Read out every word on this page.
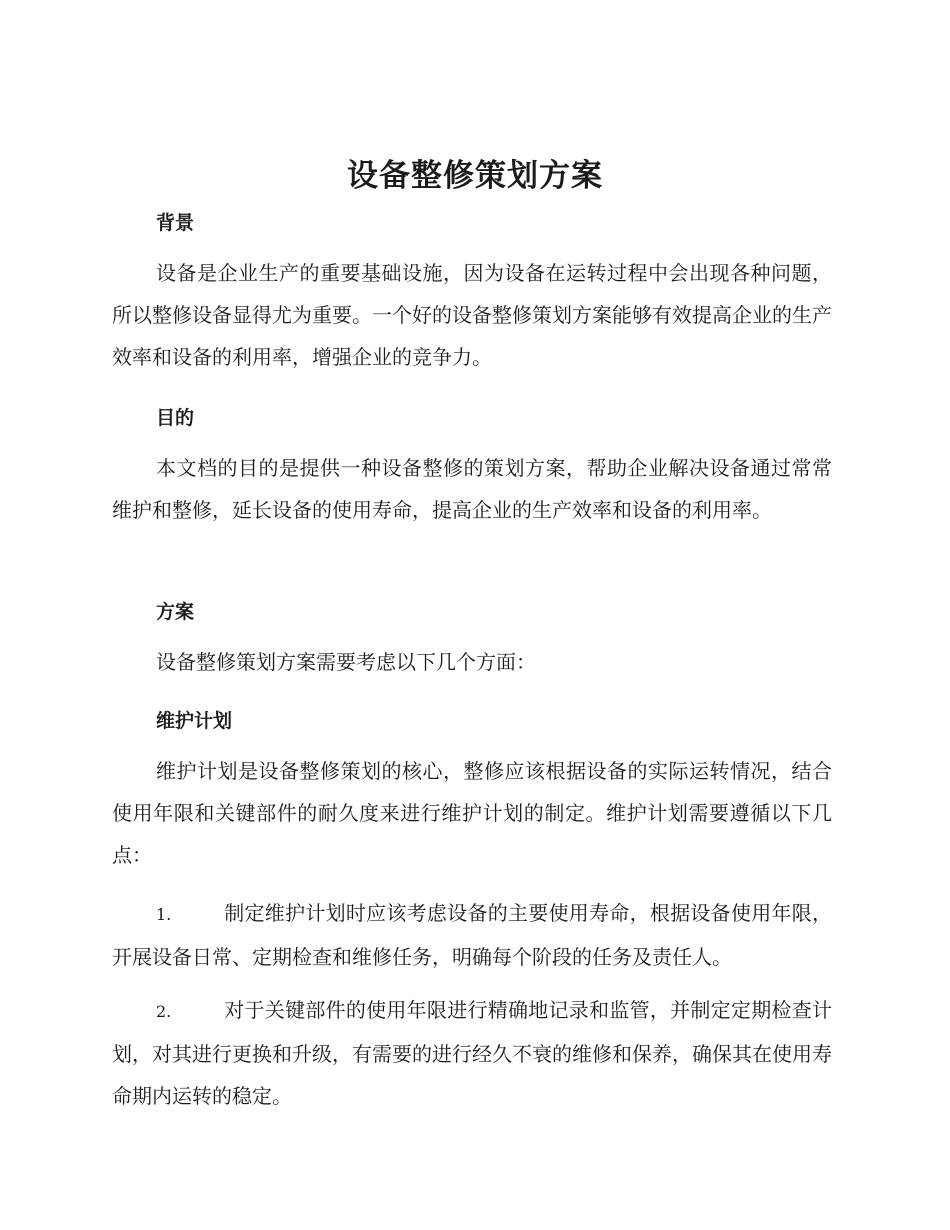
设备整修策划方案
背景

设备是企业生产的重要基础设施，因为设备在运转过程中会出现各种问题，所以整修设备显得尤为重要。一个好的设备整修策划方案能够有效提高企业的生产效率和设备的利用率，增强企业的竞争力。

目的

本文档的目的是提供一种设备整修的策划方案，帮助企业解决设备通过常常维护和整修，延长设备的使用寿命，提高企业的生产效率和设备的利用率。

方案

设备整修策划方案需要考虑以下几个方面：

维护计划

维护计划是设备整修策划的核心，整修应该根据设备的实际运转情况，结合使用年限和关键部件的耐久度来进行维护计划的制定。维护计划需要遵循以下几点：

1.	制定维护计划时应该考虑设备的主要使用寿命，根据设备使用年限，开展设备日常、定期检查和维修任务，明确每个阶段的任务及责任人。

2.	对于关键部件的使用年限进行精确地记录和监管，并制定定期检查计划，对其进行更换和升级，有需要的进行经久不衰的维修和保养，确保其在使用寿命期内运转的稳定。
